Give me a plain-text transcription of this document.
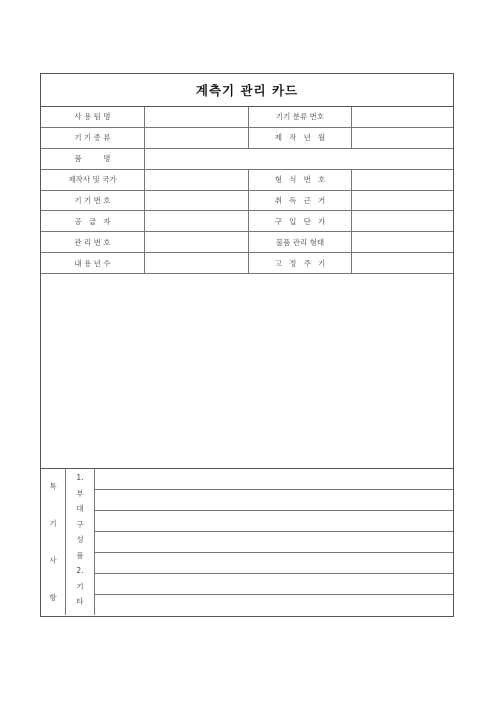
계측기 관리 카드
사 용 팀 명	기기 분류 번호
기 기 종 류	제   작   년   월
품         명
제작사 및 국가	형   식   번   호
기 기 번 호	취   득   근   거
공   급   자	구   입   단   가
관 리 번 호	물품 관리 형태
내 용 년 수	고   정   주   기
특
기
사
항
1.
부
대
구
성
품
2.
기
타
